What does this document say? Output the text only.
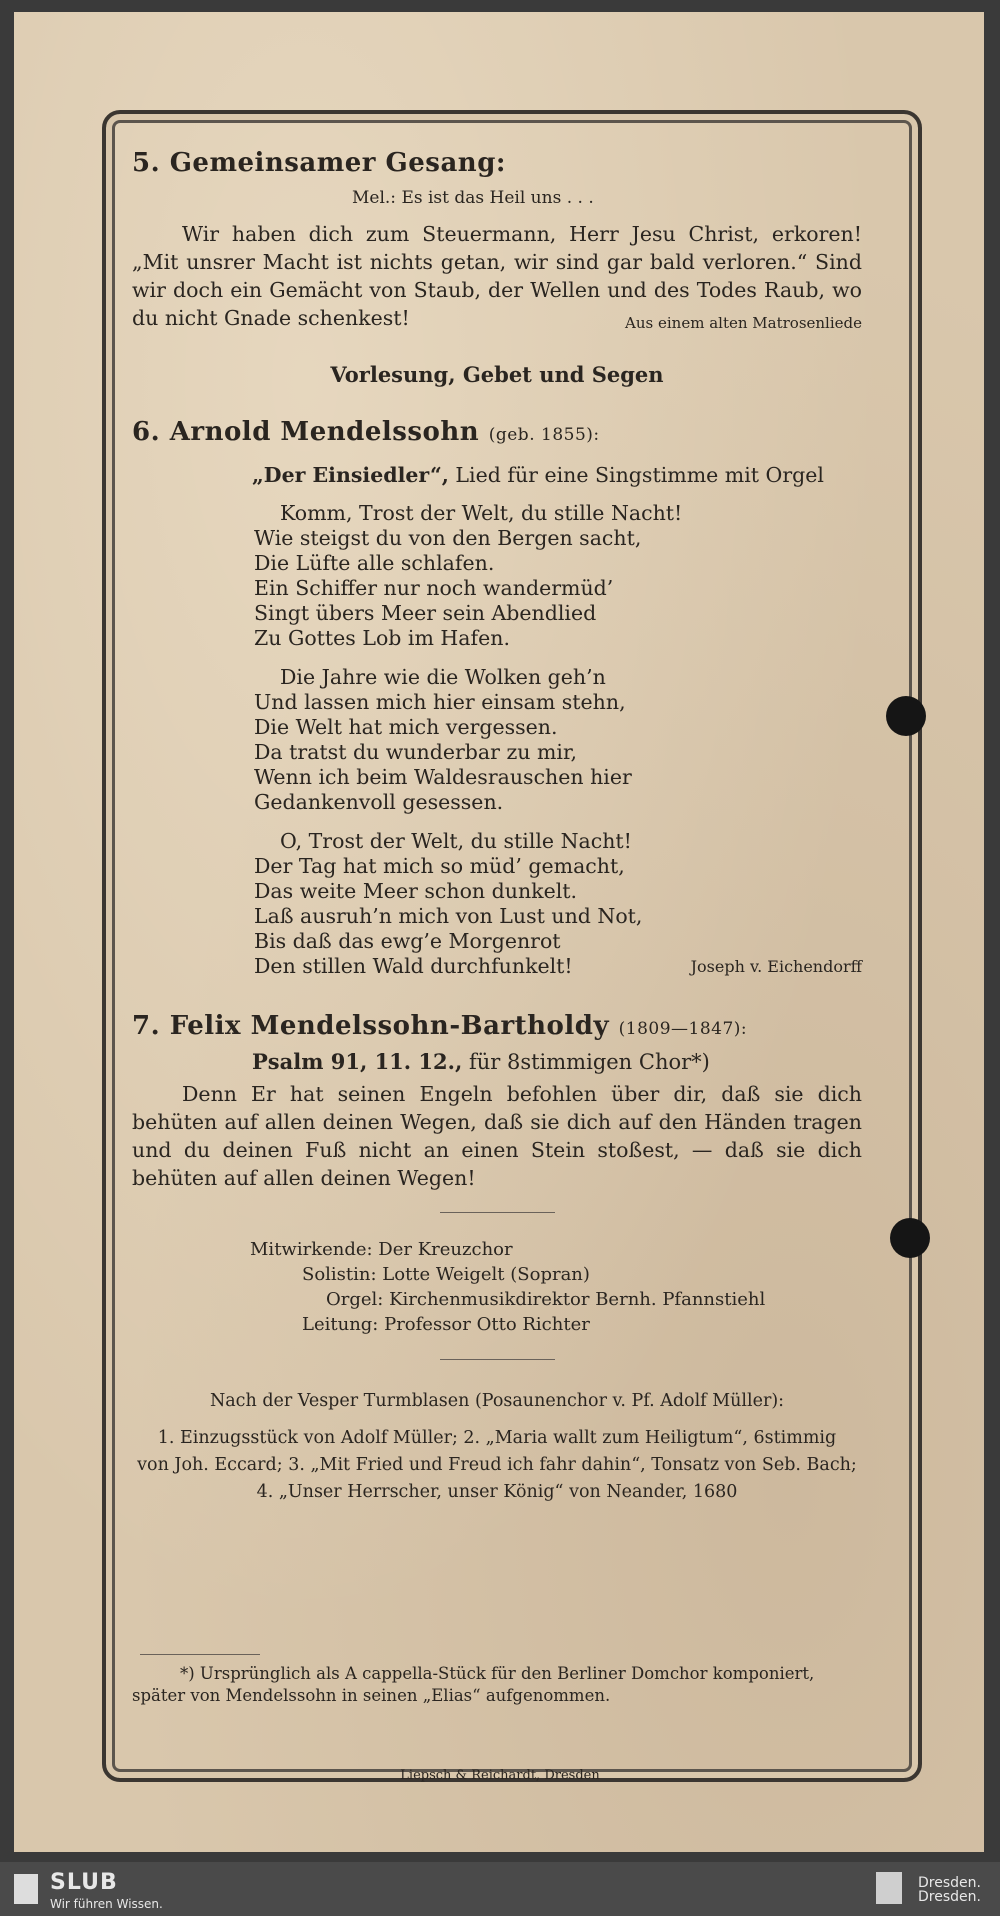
5. Gemeinsamer Gesang:
Mel.: Es ist das Heil uns . . .

Wir haben dich zum Steuermann, Herr Jesu Christ, erkoren! „Mit unsrer Macht ist nichts getan, wir sind gar bald verloren.“ Sind wir doch ein Gemächt von Staub, der Wellen und des Todes Raub, wo du nicht Gnade schenkest!	Aus einem alten Matrosenliede

Vorlesung, Gebet und Segen
6. Arnold Mendelssohn (geb. 1855):
„Der Einsiedler“, Lied für eine Singstimme mit Orgel
Komm, Trost der Welt, du stille Nacht!
Wie steigst du von den Bergen sacht,
Die Lüfte alle schlafen.
Ein Schiffer nur noch wandermüd’
Singt übers Meer sein Abendlied
Zu Gottes Lob im Hafen.
Die Jahre wie die Wolken geh’n
Und lassen mich hier einsam stehn,
Die Welt hat mich vergessen.
Da tratst du wunderbar zu mir,
Wenn ich beim Waldesrauschen hier
Gedankenvoll gesessen.
O, Trost der Welt, du stille Nacht!
Der Tag hat mich so müd’ gemacht,
Das weite Meer schon dunkelt.
Laß ausruh’n mich von Lust und Not,
Bis daß das ewg’e Morgenrot
Den stillen Wald durchfunkelt!	Joseph v. Eichendorff
7. Felix Mendelssohn-Bartholdy (1809—1847):
Psalm 91, 11. 12., für 8stimmigen Chor*)

Denn Er hat seinen Engeln befohlen über dir, daß sie dich behüten auf allen deinen Wegen, daß sie dich auf den Händen tragen und du deinen Fuß nicht an einen Stein stoßest, — daß sie dich behüten auf allen deinen Wegen!

Mitwirkende: Der Kreuzchor
Solistin: Lotte Weigelt (Sopran)
Orgel: Kirchenmusikdirektor Bernh. Pfannstiehl
Leitung: Professor Otto Richter
Nach der Vesper Turmblasen (Posaunenchor v. Pf. Adolf Müller):
1. Einzugsstück von Adolf Müller; 2. „Maria wallt zum Heiligtum“, 6stimmig
von Joh. Eccard; 3. „Mit Fried und Freud ich fahr dahin“, Tonsatz von Seb. Bach;
4. „Unser Herrscher, unser König“ von Neander, 1680
*) Ursprünglich als A cappella-Stück für den Berliner Domchor komponiert,
später von Mendelssohn in seinen „Elias“ aufgenommen.
Liepsch & Reichardt, Dresden
SLUB
Wir führen Wissen.
Dresden.
Dresden.
